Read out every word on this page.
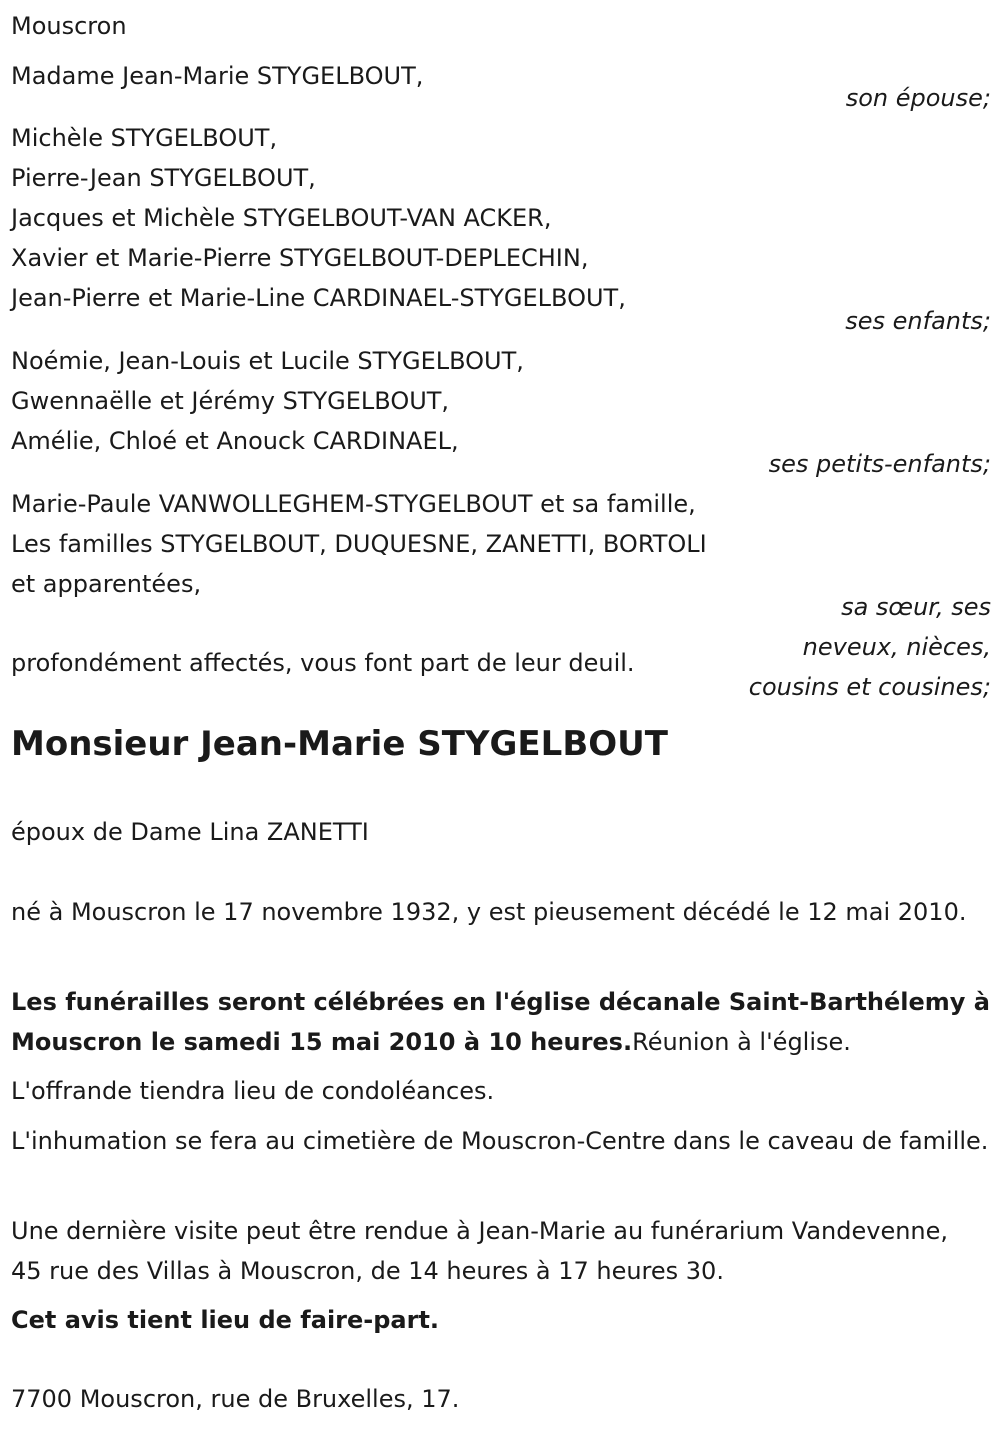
Mouscron
Madame Jean-Marie STYGELBOUT,
son épouse;
Michèle STYGELBOUT,
Pierre-Jean STYGELBOUT,
Jacques et Michèle STYGELBOUT-VAN ACKER,
Xavier et Marie-Pierre STYGELBOUT-DEPLECHIN,
Jean-Pierre et Marie-Line CARDINAEL-STYGELBOUT,
ses enfants;
Noémie, Jean-Louis et Lucile STYGELBOUT,
Gwennaëlle et Jérémy STYGELBOUT,
Amélie, Chloé et Anouck CARDINAEL,
ses petits-enfants;
Marie-Paule VANWOLLEGHEM-STYGELBOUT et sa famille,
Les familles STYGELBOUT, DUQUESNE, ZANETTI, BORTOLI
et apparentées,
sa sœur, ses
neveux, nièces,
cousins et cousines;
profondément affectés, vous font part de leur deuil.
Monsieur Jean-Marie STYGELBOUT
époux de Dame Lina ZANETTI
né à Mouscron le 17 novembre 1932, y est pieusement décédé le 12 mai 2010.
Les funérailles seront célébrées en l'église décanale Saint-Barthélemy à Mouscron le samedi 15 mai 2010 à 10 heures.Réunion à l'église.
L'offrande tiendra lieu de condoléances.
L'inhumation se fera au cimetière de Mouscron-Centre dans le caveau de famille.
Une dernière visite peut être rendue à Jean-Marie au funérarium Vandevenne, 45 rue des Villas à Mouscron, de 14 heures à 17 heures 30.
Cet avis tient lieu de faire-part.
7700 Mouscron, rue de Bruxelles, 17.
